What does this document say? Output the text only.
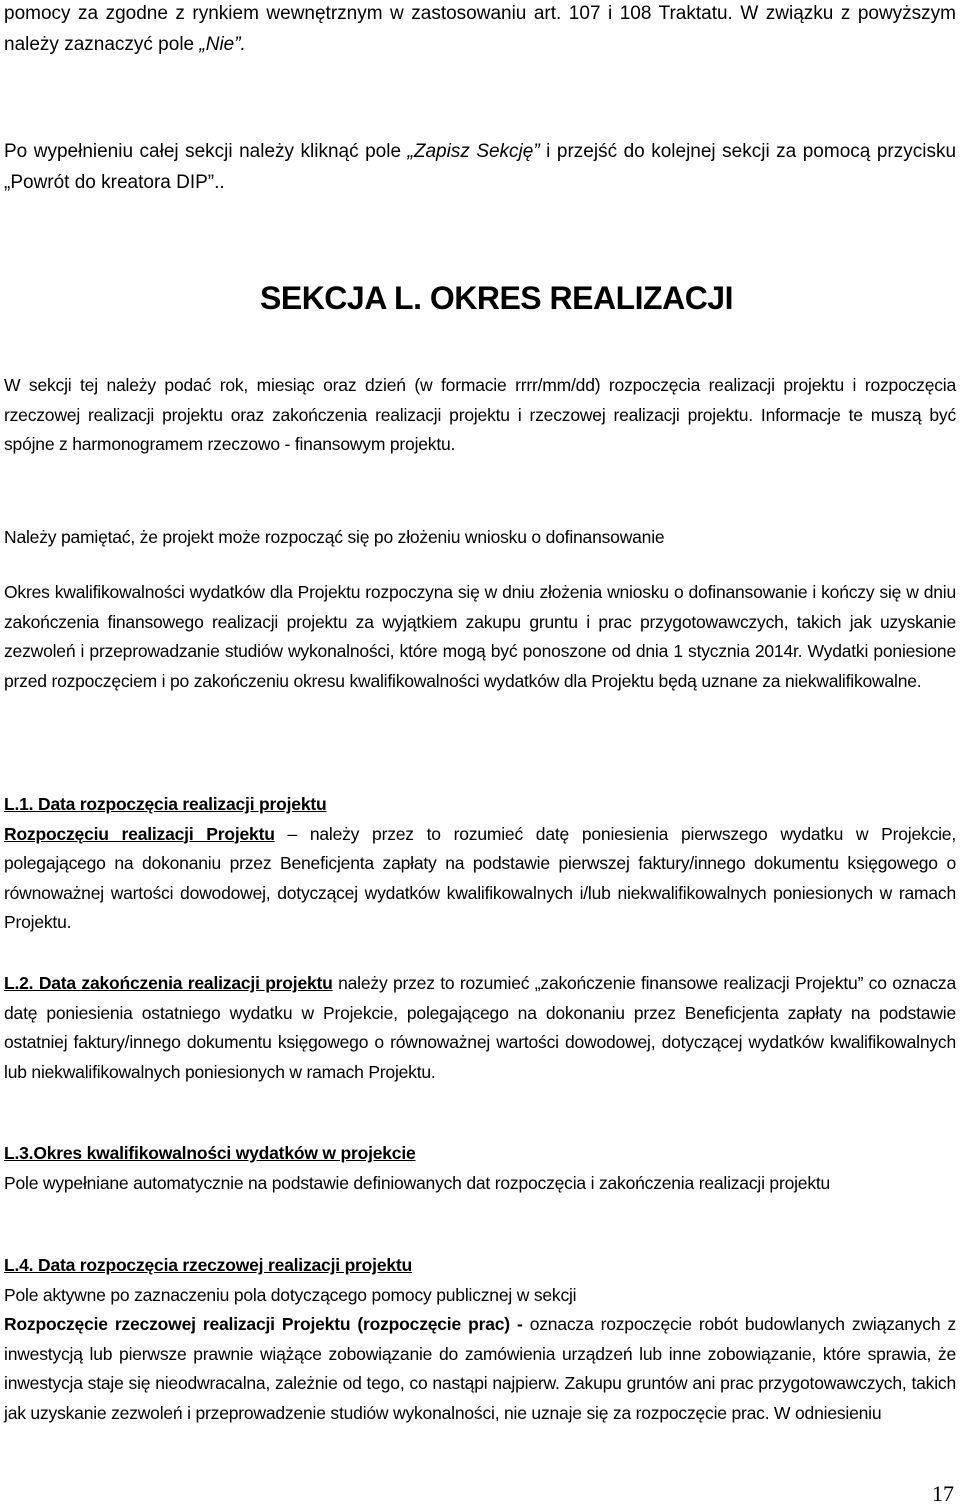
pomocy za zgodne z rynkiem wewnętrznym w zastosowaniu art. 107 i 108 Traktatu. W związku z powyższym należy zaznaczyć pole „Nie”.

Po wypełnieniu całej sekcji należy kliknąć pole „Zapisz Sekcję” i przejść do kolejnej sekcji za pomocą przycisku „Powrót do kreatora DIP”..

SEKCJA L. OKRES REALIZACJI

W sekcji tej należy podać rok, miesiąc oraz dzień (w formacie rrrr/mm/dd) rozpoczęcia realizacji projektu i rozpoczęcia rzeczowej realizacji projektu oraz zakończenia realizacji projektu i rzeczowej realizacji projektu. Informacje te muszą być spójne z harmonogramem rzeczowo - finansowym projektu.

Należy pamiętać, że projekt może rozpocząć się po złożeniu wniosku o dofinansowanie

Okres kwalifikowalności wydatków dla Projektu rozpoczyna się w dniu złożenia wniosku o dofinansowanie i kończy się w dniu zakończenia finansowego realizacji projektu za wyjątkiem zakupu gruntu i prac przygotowawczych, takich jak uzyskanie zezwoleń i przeprowadzanie studiów wykonalności, które mogą być ponoszone od dnia 1 stycznia 2014r. Wydatki poniesione przed rozpoczęciem i po zakończeniu okresu kwalifikowalności wydatków dla Projektu będą uznane za niekwalifikowalne.

L.1. Data rozpoczęcia realizacji projektu
Rozpoczęciu realizacji Projektu – należy przez to rozumieć datę poniesienia pierwszego wydatku w Projekcie, polegającego na dokonaniu przez Beneficjenta zapłaty na podstawie pierwszej faktury/innego dokumentu księgowego o równoważnej wartości dowodowej, dotyczącej wydatków kwalifikowalnych i/lub niekwalifikowalnych poniesionych w ramach Projektu.

L.2. Data zakończenia realizacji projektu należy przez to rozumieć „zakończenie finansowe realizacji Projektu” co oznacza datę poniesienia ostatniego wydatku w Projekcie, polegającego na dokonaniu przez Beneficjenta zapłaty na podstawie ostatniej faktury/innego dokumentu księgowego o równoważnej wartości dowodowej, dotyczącej wydatków kwalifikowalnych lub niekwalifikowalnych poniesionych w ramach Projektu.

L.3.Okres kwalifikowalności wydatków w projekcie
Pole wypełniane automatycznie na podstawie definiowanych dat rozpoczęcia i zakończenia realizacji projektu
L.4. Data rozpoczęcia rzeczowej realizacji projektu
Pole aktywne po zaznaczeniu pola dotyczącego pomocy publicznej w sekcji
Rozpoczęcie rzeczowej realizacji Projektu (rozpoczęcie prac) - oznacza rozpoczęcie robót budowlanych związanych z inwestycją lub pierwsze prawnie wiążące zobowiązanie do zamówienia urządzeń lub inne zobowiązanie, które sprawia, że inwestycja staje się nieodwracalna, zależnie od tego, co nastąpi najpierw. Zakupu gruntów ani prac przygotowawczych, takich jak uzyskanie zezwoleń i przeprowadzenie studiów wykonalności, nie uznaje się za rozpoczęcie prac. W odniesieniu
17
